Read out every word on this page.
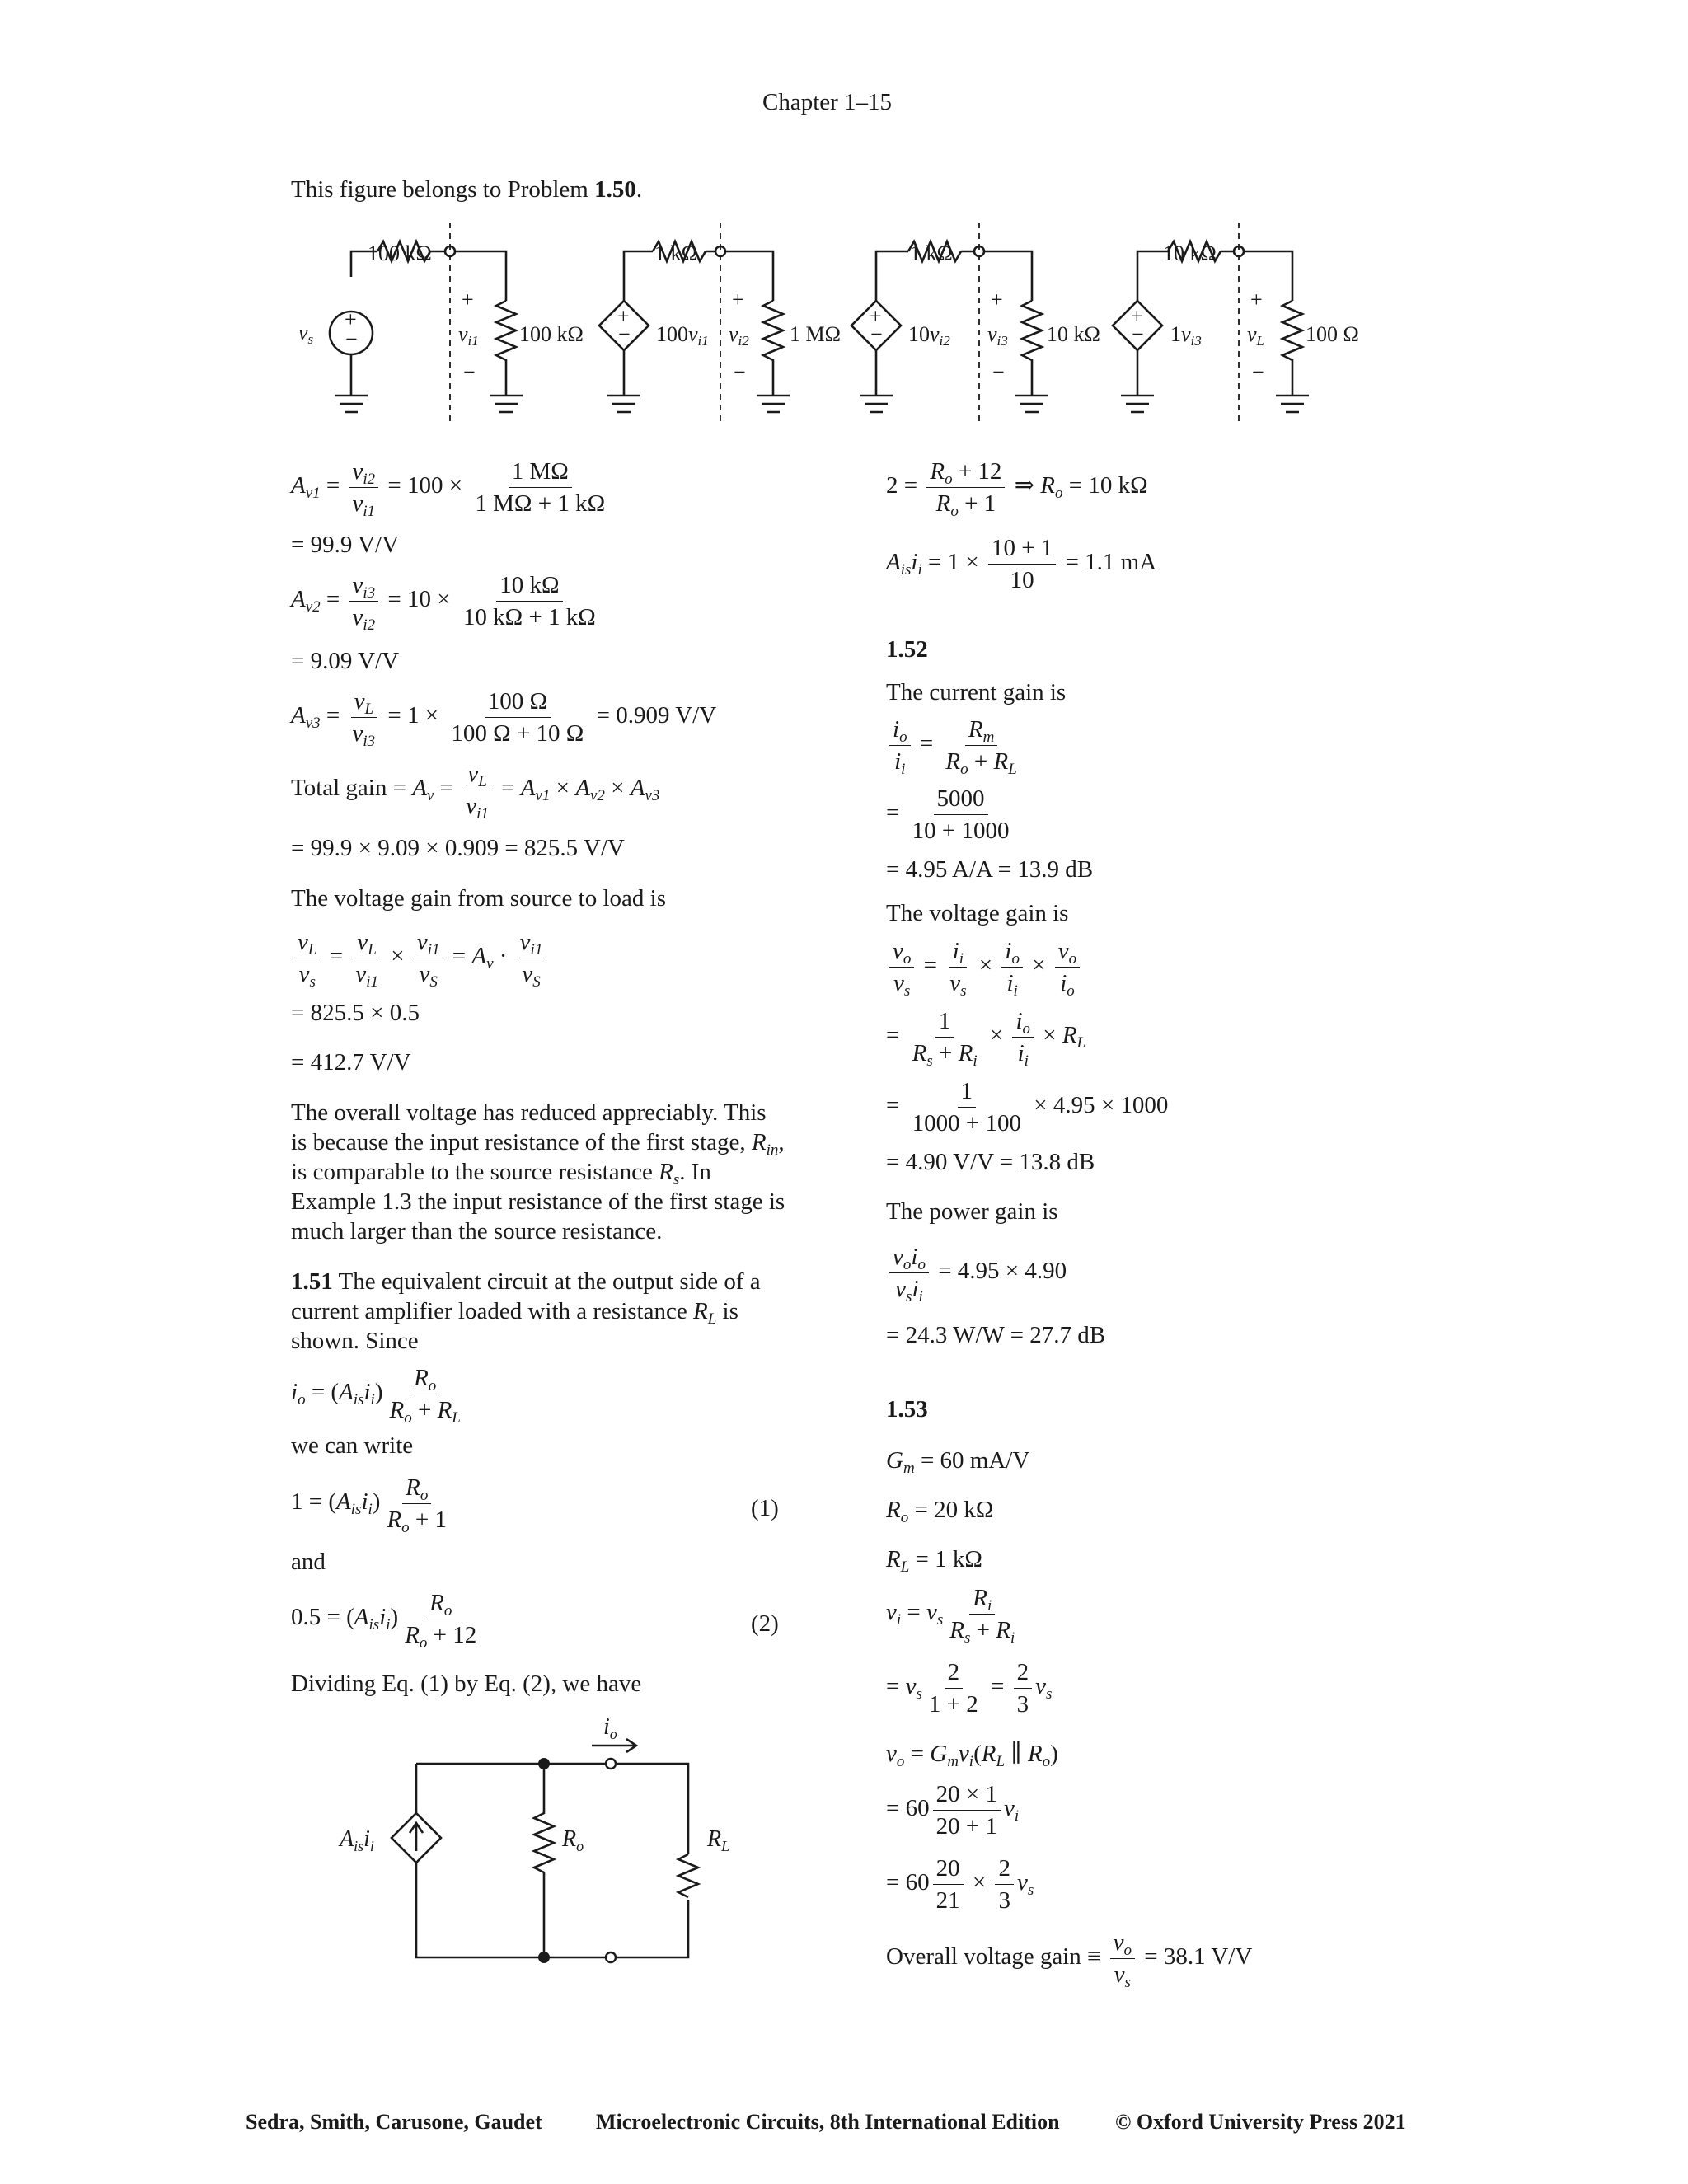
Chapter 1–15
This figure belongs to Problem 1.50.
+
−
+
−
+
−
+
−
+
−
+
−
+
−
+
−
100 kΩ	1 kΩ	1 kΩ	10 kΩ
100 kΩ	1 MΩ	10 kΩ	100 Ω
vs	100vi1	10vi2	1vi3
vi1	vi2	vi3	vL
$A_{v1} = \frac{v_{i2}}{v_{i1}} = 100 \times \frac{1 M\Omega}{1 M\Omega + 1 k\Omega}$
= 99.9 V/V
$A_{v2} = \frac{v_{i3}}{v_{i2}} = 10 \times \frac{10 k\Omega}{10 k\Omega + 1 k\Omega}$
= 9.09 V/V
$A_{v3} = \frac{v_L}{v_{i3}} = 1 \times \frac{100 \Omega}{100 \Omega + 10 \Omega} = 0.909$ V/V
Total gain = $A_v = \frac{v_L}{v_{i1}} = A_{v1} \times A_{v2} \times A_{v3}$
= 99.9 × 9.09 × 0.909 = 825.5 V/V
The voltage gain from source to load is
$\frac{v_L}{v_s} = \frac{v_L}{v_{i1}} \times \frac{v_{i1}}{v_S} = A_v \cdot \frac{v_{i1}}{v_S}$
= 825.5 × 0.5
= 412.7 V/V
The overall voltage has reduced appreciably. This is because the input resistance of the first stage, $R_{in}$, is comparable to the source resistance $R_s$. In Example 1.3 the input resistance of the first stage is much larger than the source resistance.
1.51 The equivalent circuit at the output side of a current amplifier loaded with a resistance $R_L$ is shown. Since
$i_o = (A_{is}i_i) \frac{R_o}{R_o + R_L}$
we can write
$1 = (A_{is}i_i) \frac{R_o}{R_o + 1}$	(1)
and
$0.5 = (A_{is}i_i) \frac{R_o}{R_o + 12}$	(2)
Dividing Eq. (1) by Eq. (2), we have
$i_o$
$A_{is}i_i$	$R_o$	$R_L$
$2 = \frac{R_o + 12}{R_o + 1}$ ⇒ $R_o = 10$ kΩ
$A_{is}i_i = 1 \times \frac{10 + 1}{10} = 1.1$ mA
1.52
The current gain is
$\frac{i_o}{i_i} = \frac{R_m}{R_o + R_L}$
= $\frac{5000}{10 + 1000}$
= 4.95 A/A = 13.9 dB
The voltage gain is
$\frac{v_o}{v_s} = \frac{i_i}{v_s} \times \frac{i_o}{i_i} \times \frac{v_o}{i_o}$
= $\frac{1}{R_s + R_i} \times \frac{i_o}{i_i} \times R_L$
= $\frac{1}{1000 + 100} \times 4.95 \times 1000$
= 4.90 V/V = 13.8 dB
The power gain is
$\frac{v_oi_o}{v_si_i} = 4.95 \times 4.90$
= 24.3 W/W = 27.7 dB
1.53
$G_m = 60$ mA/V
$R_o = 20$ kΩ
$R_L = 1$ kΩ
$v_i = v_s \frac{R_i}{R_s + R_i}$
= $v_s \frac{2}{1 + 2} = \frac{2}{3} v_s$
$v_o = G_mv_i(R_L$ ∥ $R_o$)
= $60 \frac{20 \times 1}{20 + 1} v_i$
= $60 \frac{20}{21} \times \frac{2}{3} v_s$
Overall voltage gain ≡ $\frac{v_o}{v_s} = 38.1$ V/V
Sedra, Smith, Carusone, Gaudet	Microelectronic Circuits, 8th International Edition	© Oxford University Press 2021
